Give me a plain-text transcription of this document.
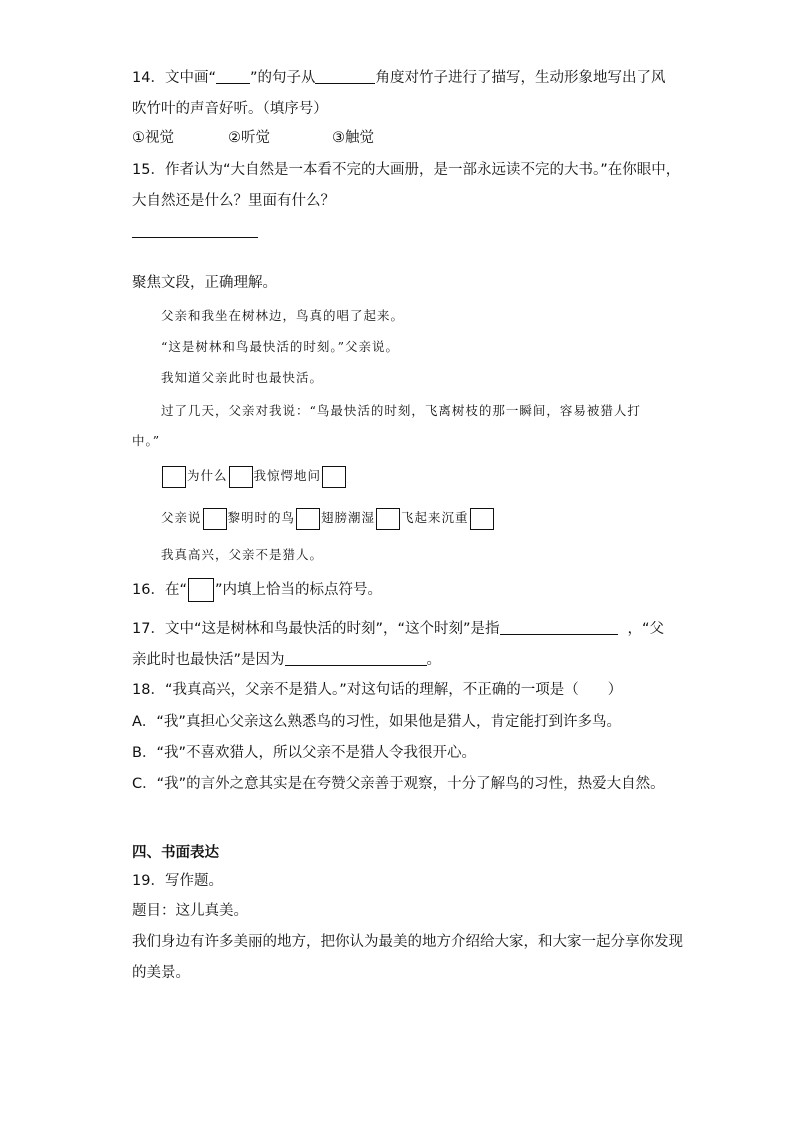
14．文中画“ ”的句子从	角度对竹子进行了描写，生动形象地写出了风
吹竹叶的声音好听。（填序号）
①视觉	②听觉	③触觉
15．作者认为“大自然是一本看不完的大画册，是一部永远读不完的大书。”在你眼中，
大自然还是什么？里面有什么？
聚焦文段，正确理解。
父亲和我坐在树林边，鸟真的唱了起来。
“这是树林和鸟最快活的时刻。”父亲说。
我知道父亲此时也最快活。
过了几天，父亲对我说：“鸟最快活的时刻，飞离树枝的那一瞬间，容易被猎人打
中。”
为什么 我惊愕地问
父亲说 黎明时的鸟 翅膀潮湿 飞起来沉重
我真高兴，父亲不是猎人。
16．在“ ”内填上恰当的标点符号。
17．文中“这是树林和鸟最快活的时刻”，“这个时刻”是指	，“父
亲此时也最快活”是因为	。
18．“我真高兴，父亲不是猎人。”对这句话的理解，不正确的一项是（　　）
A．“我”真担心父亲这么熟悉鸟的习性，如果他是猎人，肯定能打到许多鸟。
B．“我”不喜欢猎人，所以父亲不是猎人令我很开心。
C．“我”的言外之意其实是在夸赞父亲善于观察，十分了解鸟的习性，热爱大自然。
四、书面表达
19．写作题。
题目：这儿真美。
我们身边有许多美丽的地方，把你认为最美的地方介绍给大家，和大家一起分享你发现
的美景。
